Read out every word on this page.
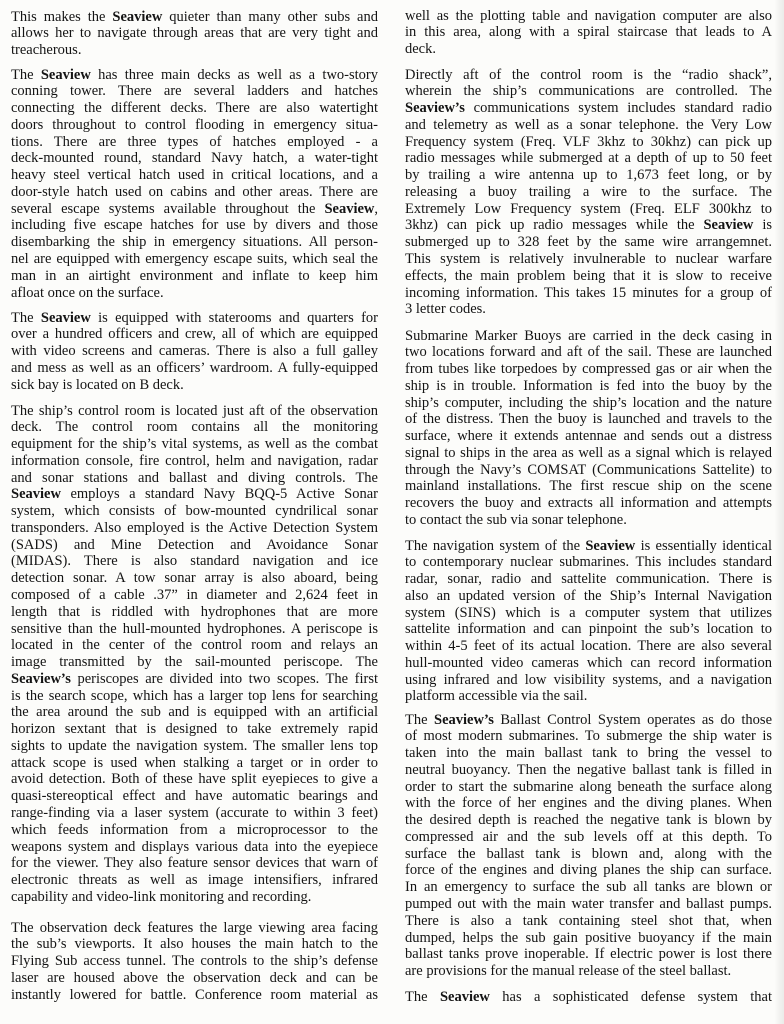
This makes the Seaview quieter than many other subs and
allows her to navigate through areas that are very tight and
treacherous.
The Seaview has three main decks as well as a two-story
conning tower. There are several ladders and hatches
connecting the different decks. There are also watertight
doors throughout to control flooding in emergency situa-
tions. There are three types of hatches employed - a
deck-mounted round, standard Navy hatch, a water-tight
heavy steel vertical hatch used in critical locations, and a
door-style hatch used on cabins and other areas. There are
several escape systems available throughout the Seaview,
including five escape hatches for use by divers and those
disembarking the ship in emergency situations. All person-
nel are equipped with emergency escape suits, which seal the
man in an airtight environment and inflate to keep him
afloat once on the surface.
The Seaview is equipped with staterooms and quarters for
over a hundred officers and crew, all of which are equipped
with video screens and cameras. There is also a full galley
and mess as well as an officers’ wardroom. A fully-equipped
sick bay is located on B deck.
The ship’s control room is located just aft of the observation
deck. The control room contains all the monitoring
equipment for the ship’s vital systems, as well as the combat
information console, fire control, helm and navigation, radar
and sonar stations and ballast and diving controls. The
Seaview employs a standard Navy BQQ-5 Active Sonar
system, which consists of bow-mounted cyndrilical sonar
transponders. Also employed is the Active Detection System
(SADS) and Mine Detection and Avoidance Sonar
(MIDAS). There is also standard navigation and ice
detection sonar. A tow sonar array is also aboard, being
composed of a cable .37” in diameter and 2,624 feet in
length that is riddled with hydrophones that are more
sensitive than the hull-mounted hydrophones. A periscope is
located in the center of the control room and relays an
image transmitted by the sail-mounted periscope. The
Seaview’s periscopes are divided into two scopes. The first
is the search scope, which has a larger top lens for searching
the area around the sub and is equipped with an artificial
horizon sextant that is designed to take extremely rapid
sights to update the navigation system. The smaller lens top
attack scope is used when stalking a target or in order to
avoid detection. Both of these have split eyepieces to give a
quasi-stereoptical effect and have automatic bearings and
range-finding via a laser system (accurate to within 3 feet)
which feeds information from a microprocessor to the
weapons system and displays various data into the eyepiece
for the viewer. They also feature sensor devices that warn of
electronic threats as well as image intensifiers, infrared
capability and video-link monitoring and recording.
The observation deck features the large viewing area facing
the sub’s viewports. It also houses the main hatch to the
Flying Sub access tunnel. The controls to the ship’s defense
laser are housed above the observation deck and can be
instantly lowered for battle. Conference room material as
well as the plotting table and navigation computer are also
in this area, along with a spiral staircase that leads to A
deck.
Directly aft of the control room is the “radio shack”,
wherein the ship’s communications are controlled. The
Seaview’s communications system includes standard radio
and telemetry as well as a sonar telephone. the Very Low
Frequency system (Freq. VLF 3khz to 30khz) can pick up
radio messages while submerged at a depth of up to 50 feet
by trailing a wire antenna up to 1,673 feet long, or by
releasing a buoy trailing a wire to the surface. The
Extremely Low Frequency system (Freq. ELF 300khz to
3khz) can pick up radio messages while the Seaview is
submerged up to 328 feet by the same wire arrangemnet.
This system is relatively invulnerable to nuclear warfare
effects, the main problem being that it is slow to receive
incoming information. This takes 15 minutes for a group of
3 letter codes.
Submarine Marker Buoys are carried in the deck casing in
two locations forward and aft of the sail. These are launched
from tubes like torpedoes by compressed gas or air when the
ship is in trouble. Information is fed into the buoy by the
ship’s computer, including the ship’s location and the nature
of the distress. Then the buoy is launched and travels to the
surface, where it extends antennae and sends out a distress
signal to ships in the area as well as a signal which is relayed
through the Navy’s COMSAT (Communications Sattelite) to
mainland installations. The first rescue ship on the scene
recovers the buoy and extracts all information and attempts
to contact the sub via sonar telephone.
The navigation system of the Seaview is essentially identical
to contemporary nuclear submarines. This includes standard
radar, sonar, radio and sattelite communication. There is
also an updated version of the Ship’s Internal Navigation
system (SINS) which is a computer system that utilizes
sattelite information and can pinpoint the sub’s location to
within 4-5 feet of its actual location. There are also several
hull-mounted video cameras which can record information
using infrared and low visibility systems, and a navigation
platform accessible via the sail.
The Seaview’s Ballast Control System operates as do those
of most modern submarines. To submerge the ship water is
taken into the main ballast tank to bring the vessel to
neutral buoyancy. Then the negative ballast tank is filled in
order to start the submarine along beneath the surface along
with the force of her engines and the diving planes. When
the desired depth is reached the negative tank is blown by
compressed air and the sub levels off at this depth. To
surface the ballast tank is blown and, along with the
force of the engines and diving planes the ship can surface.
In an emergency to surface the sub all tanks are blown or
pumped out with the main water transfer and ballast pumps.
There is also a tank containing steel shot that, when
dumped, helps the sub gain positive buoyancy if the main
ballast tanks prove inoperable. If electric power is lost there
are provisions for the manual release of the steel ballast.
The Seaview has a sophisticated defense system that
